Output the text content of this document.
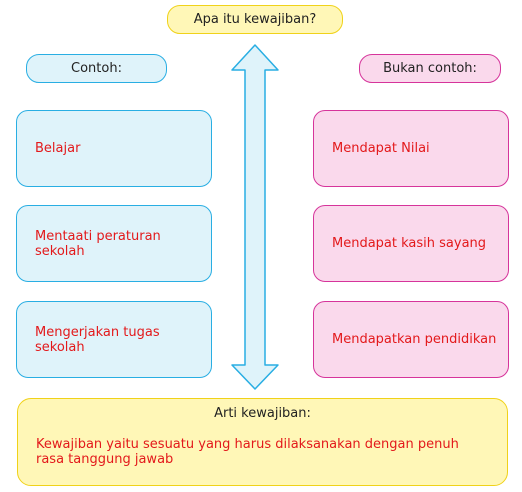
Apa itu kewajiban?
Contoh:	Bukan contoh:
Belajar
Mentaati peraturan sekolah
Mengerjakan tugas sekolah
Mendapat Nilai
Mendapat kasih sayang
Mendapatkan pendidikan
Arti kewajiban:
Kewajiban yaitu sesuatu yang harus dilaksanakan dengan penuh rasa tanggung jawab
